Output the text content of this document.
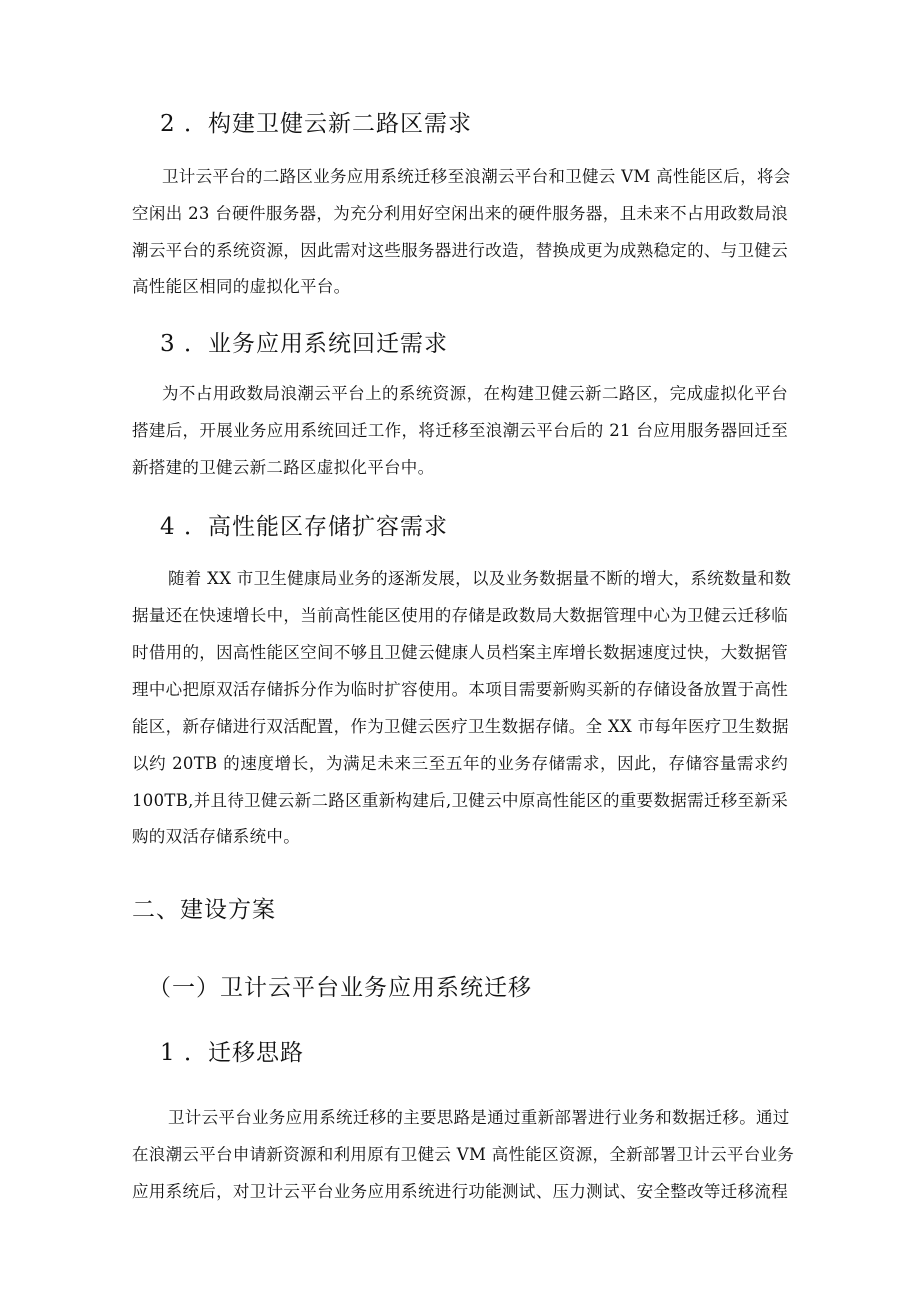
2 ．构建卫健云新二路区需求
卫计云平台的二路区业务应用系统迁移至浪潮云平台和卫健云 VM 高性能区后，将会
空闲出 23 台硬件服务器，为充分利用好空闲出来的硬件服务器，且未来不占用政数局浪
潮云平台的系统资源，因此需对这些服务器进行改造，替换成更为成熟稳定的、与卫健云
高性能区相同的虚拟化平台。
3 ．业务应用系统回迁需求
为不占用政数局浪潮云平台上的系统资源，在构建卫健云新二路区，完成虚拟化平台
搭建后，开展业务应用系统回迁工作，将迁移至浪潮云平台后的 21 台应用服务器回迁至
新搭建的卫健云新二路区虚拟化平台中。
4 ．高性能区存储扩容需求
随着 XX 市卫生健康局业务的逐渐发展，以及业务数据量不断的增大，系统数量和数
据量还在快速增长中，当前高性能区使用的存储是政数局大数据管理中心为卫健云迁移临
时借用的，因高性能区空间不够且卫健云健康人员档案主库增长数据速度过快，大数据管
理中心把原双活存储拆分作为临时扩容使用。本项目需要新购买新的存储设备放置于高性
能区，新存储进行双活配置，作为卫健云医疗卫生数据存储。全 XX 市每年医疗卫生数据
以约 20TB 的速度增长，为满足未来三至五年的业务存储需求，因此，存储容量需求约
100TB,并且待卫健云新二路区重新构建后,卫健云中原高性能区的重要数据需迁移至新采
购的双活存储系统中。
二、建设方案
（一）卫计云平台业务应用系统迁移
1 ．迁移思路
卫计云平台业务应用系统迁移的主要思路是通过重新部署进行业务和数据迁移。通过
在浪潮云平台申请新资源和利用原有卫健云 VM 高性能区资源，全新部署卫计云平台业务
应用系统后，对卫计云平台业务应用系统进行功能测试、压力测试、安全整改等迁移流程
